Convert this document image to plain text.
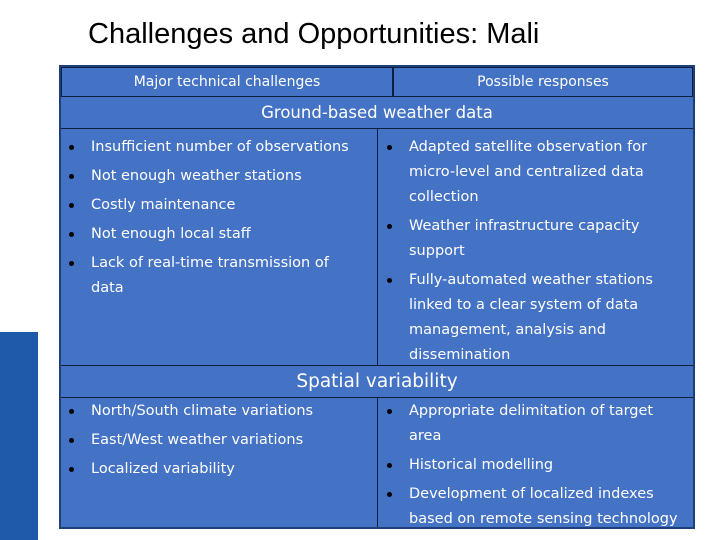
Challenges and Opportunities: Mali
Major technical challenges	Possible responses
Ground-based weather data
Insufficient number of observations
Not enough weather stations
Costly maintenance
Not enough local staff
Lack of real-time transmission of data
Adapted satellite observation for micro-level and centralized data collection
Weather infrastructure capacity support
Fully-automated weather stations linked to a clear system of data management, analysis and dissemination
Spatial variability
North/South climate variations
East/West weather variations
Localized variability
Appropriate delimitation of target area
Historical modelling
Development of localized indexes based on remote sensing technology
